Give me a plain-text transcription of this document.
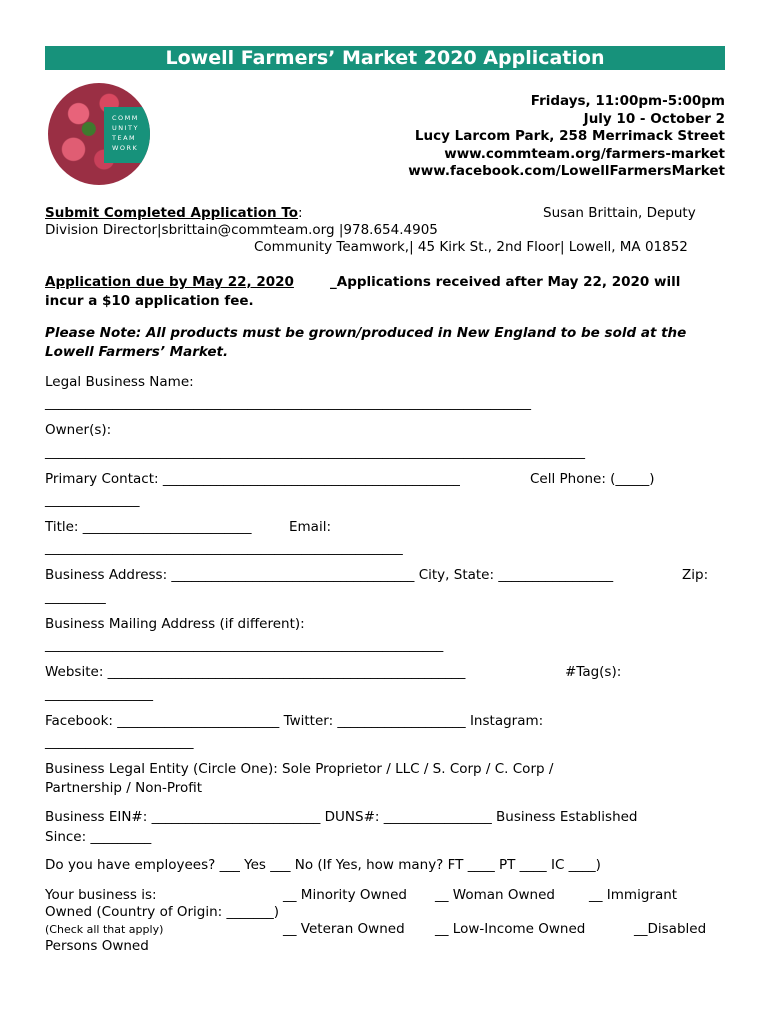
Lowell Farmers’ Market 2020 Application
COMM
UNITY
TEAM
WORK
Fridays, 11:00pm-5:00pm
July 10 - October 2
Lucy Larcom Park, 258 Merrimack Street
www.commteam.org/farmers-market
www.facebook.com/LowellFarmersMarket
Submit Completed Application To:	Susan Brittain, Deputy
Division Director|sbrittain@commteam.org |978.654.4905
Community Teamwork,| 45 Kirk St., 2nd Floor| Lowell, MA 01852
Application due by May 22, 2020	_Applications received after May 22, 2020 will
incur a $10 application fee.
Please Note: All products must be grown/produced in New England to be sold at the
Lowell Farmers’ Market.
Legal Business Name:
________________________________________________________________________
Owner(s):
________________________________________________________________________________
Primary Contact: ____________________________________________	Cell Phone: (_____)
______________
Title: _________________________	Email:
_____________________________________________________
Business Address: ____________________________________ City, State: _________________	Zip:
_________
Business Mailing Address (if different):
___________________________________________________________
Website: _____________________________________________________	#Tag(s):
________________
Facebook: ________________________ Twitter: ___________________ Instagram:
______________________
Business Legal Entity (Circle One): Sole Proprietor / LLC / S. Corp / C. Corp /
Partnership / Non-Profit
Business EIN#: _________________________ DUNS#: ________________ Business Established
Since: _________
Do you have employees? ___ Yes ___ No (If Yes, how many? FT ____ PT ____ IC ____)
Your business is:	__ Minority Owned __ Woman Owned	__ Immigrant
Owned (Country of Origin: _______)
(Check all that apply)	__ Veteran Owned __ Low-Income Owned	__Disabled
Persons Owned
